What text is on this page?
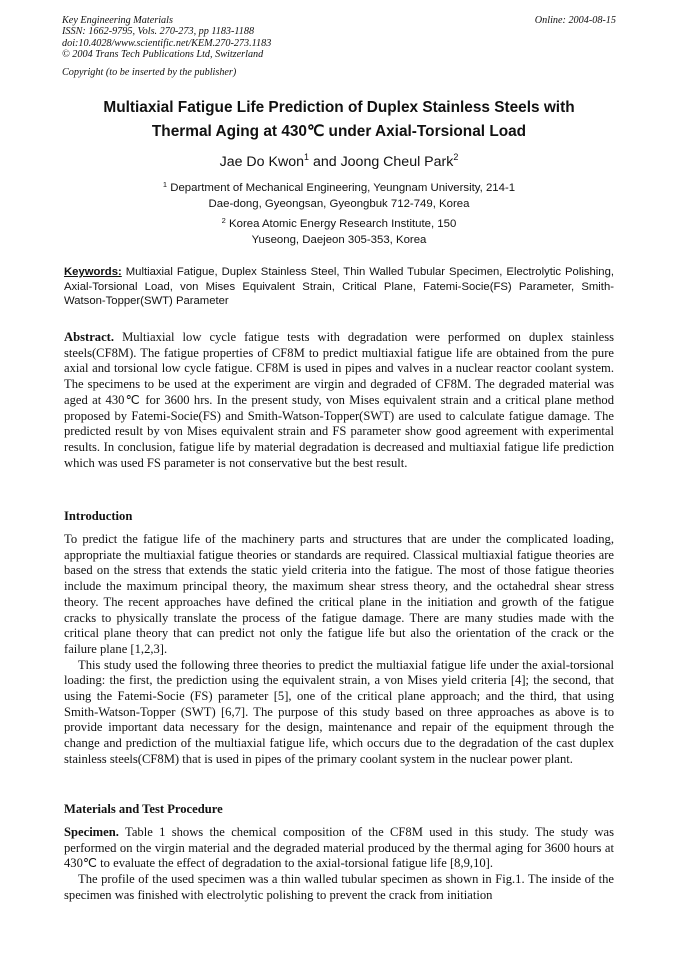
Online: 2004-08-15
Key Engineering Materials
ISSN: 1662-9795, Vols. 270-273, pp 1183-1188
doi:10.4028/www.scientific.net/KEM.270-273.1183
© 2004 Trans Tech Publications Ltd, Switzerland
Copyright (to be inserted by the publisher)
Multiaxial Fatigue Life Prediction of Duplex Stainless Steels with
Thermal Aging at 430℃ under Axial-Torsional Load
Jae Do Kwon$^1$ and Joong Cheul Park$^2$
$^1$ Department of Mechanical Engineering, Yeungnam University, 214-1
Dae-dong, Gyeongsan, Gyeongbuk 712-749, Korea
$^2$ Korea Atomic Energy Research Institute, 150
Yuseong, Daejeon 305-353, Korea
Keywords: Multiaxial Fatigue, Duplex Stainless Steel, Thin Walled Tubular Specimen, Electrolytic Polishing, Axial-Torsional Load, von Mises Equivalent Strain, Critical Plane, Fatemi-Socie(FS) Parameter, Smith-Watson-Topper(SWT) Parameter

Abstract. Multiaxial low cycle fatigue tests with degradation were performed on duplex stainless steels(CF8M). The fatigue properties of CF8M to predict multiaxial fatigue life are obtained from the pure axial and torsional low cycle fatigue. CF8M is used in pipes and valves in a nuclear reactor coolant system. The specimens to be used at the experiment are virgin and degraded of CF8M. The degraded material was aged at 430℃ for 3600 hrs. In the present study, von Mises equivalent strain and a critical plane method proposed by Fatemi-Socie(FS) and Smith-Watson-Topper(SWT) are used to calculate fatigue damage. The predicted result by von Mises equivalent strain and FS parameter show good agreement with experimental results. In conclusion, fatigue life by material degradation is decreased and multiaxial fatigue life prediction which was used FS parameter is not conservative but the best result.

Introduction

To predict the fatigue life of the machinery parts and structures that are under the complicated loading, appropriate the multiaxial fatigue theories or standards are required. Classical multiaxial fatigue theories are based on the stress that extends the static yield criteria into the fatigue. The most of those fatigue theories include the maximum principal theory, the maximum shear stress theory, and the octahedral shear stress theory. The recent approaches have defined the critical plane in the initiation and growth of the fatigue cracks to physically translate the process of the fatigue damage. There are many studies made with the critical plane theory that can predict not only the fatigue life but also the orientation of the crack or the failure plane [1,2,3].

This study used the following three theories to predict the multiaxial fatigue life under the axial-torsional loading: the first, the prediction using the equivalent strain, a von Mises yield criteria [4]; the second, that using the Fatemi-Socie (FS) parameter [5], one of the critical plane approach; and the third, that using Smith-Watson-Topper (SWT) [6,7]. The purpose of this study based on three approaches as above is to provide important data necessary for the design, maintenance and repair of the equipment through the change and prediction of the multiaxial fatigue life, which occurs due to the degradation of the cast duplex stainless steels(CF8M) that is used in pipes of the primary coolant system in the nuclear power plant.

Materials and Test Procedure

Specimen. Table 1 shows the chemical composition of the CF8M used in this study. The study was performed on the virgin material and the degraded material produced by the thermal aging for 3600 hours at 430℃ to evaluate the effect of degradation to the axial-torsional fatigue life [8,9,10].

The profile of the used specimen was a thin walled tubular specimen as shown in Fig.1. The inside of the specimen was finished with electrolytic polishing to prevent the crack from initiation
